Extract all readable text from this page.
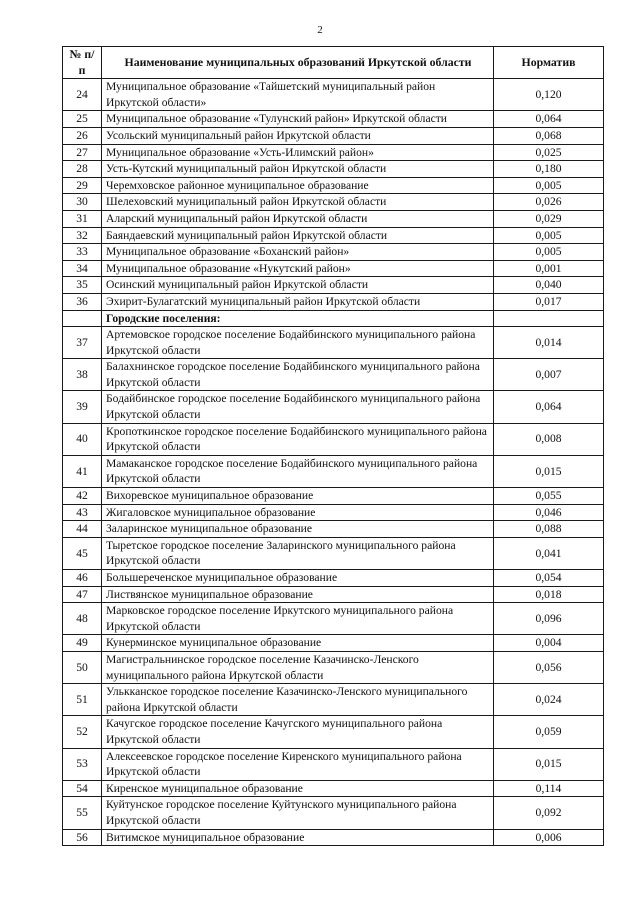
2
№ п/п	Наименование муниципальных образований Иркутской области	Норматив
24	Муниципальное образование «Тайшетский муниципальный район Иркутской области»	0,120
25	Муниципальное образование «Тулунский район» Иркутской области	0,064
26	Усольский муниципальный район Иркутской области	0,068
27	Муниципальное образование «Усть-Илимский район»	0,025
28	Усть-Кутский муниципальный район Иркутской области	0,180
29	Черемховское районное муниципальное образование	0,005
30	Шелеховский муниципальный район Иркутской области	0,026
31	Аларский муниципальный район Иркутской области	0,029
32	Баяндаевский муниципальный район Иркутской области	0,005
33	Муниципальное образование «Боханский район»	0,005
34	Муниципальное образование «Нукутский район»	0,001
35	Осинский муниципальный район Иркутской области	0,040
36	Эхирит-Булагатский муниципальный район Иркутской области	0,017
	Городские поселения:	
37	Артемовское городское поселение Бодайбинского муниципального района Иркутской области	0,014
38	Балахнинское городское поселение Бодайбинского муниципального района Иркутской области	0,007
39	Бодайбинское городское поселение Бодайбинского муниципального района Иркутской области	0,064
40	Кропоткинское городское поселение Бодайбинского муниципального района Иркутской области	0,008
41	Мамаканское городское поселение Бодайбинского муниципального района Иркутской области	0,015
42	Вихоревское муниципальное образование	0,055
43	Жигаловское муниципальное образование	0,046
44	Заларинское муниципальное образование	0,088
45	Тыретское городское поселение Заларинского муниципального района Иркутской области	0,041
46	Большереченское муниципальное образование	0,054
47	Листвянское муниципальное образование	0,018
48	Марковское городское поселение Иркутского муниципального района Иркутской области	0,096
49	Кунерминское муниципальное образование	0,004
50	Магистральнинское городское поселение Казачинско-Ленского муниципального района Иркутской области	0,056
51	Улькканское городское поселение Казачинско-Ленского муниципального района Иркутской области	0,024
52	Качугское городское поселение Качугского муниципального района Иркутской области	0,059
53	Алексеевское городское поселение Киренского муниципального района Иркутской области	0,015
54	Киренское муниципальное образование	0,114
55	Куйтунское городское поселение Куйтунского муниципального района Иркутской области	0,092
56	Витимское муниципальное образование	0,006
